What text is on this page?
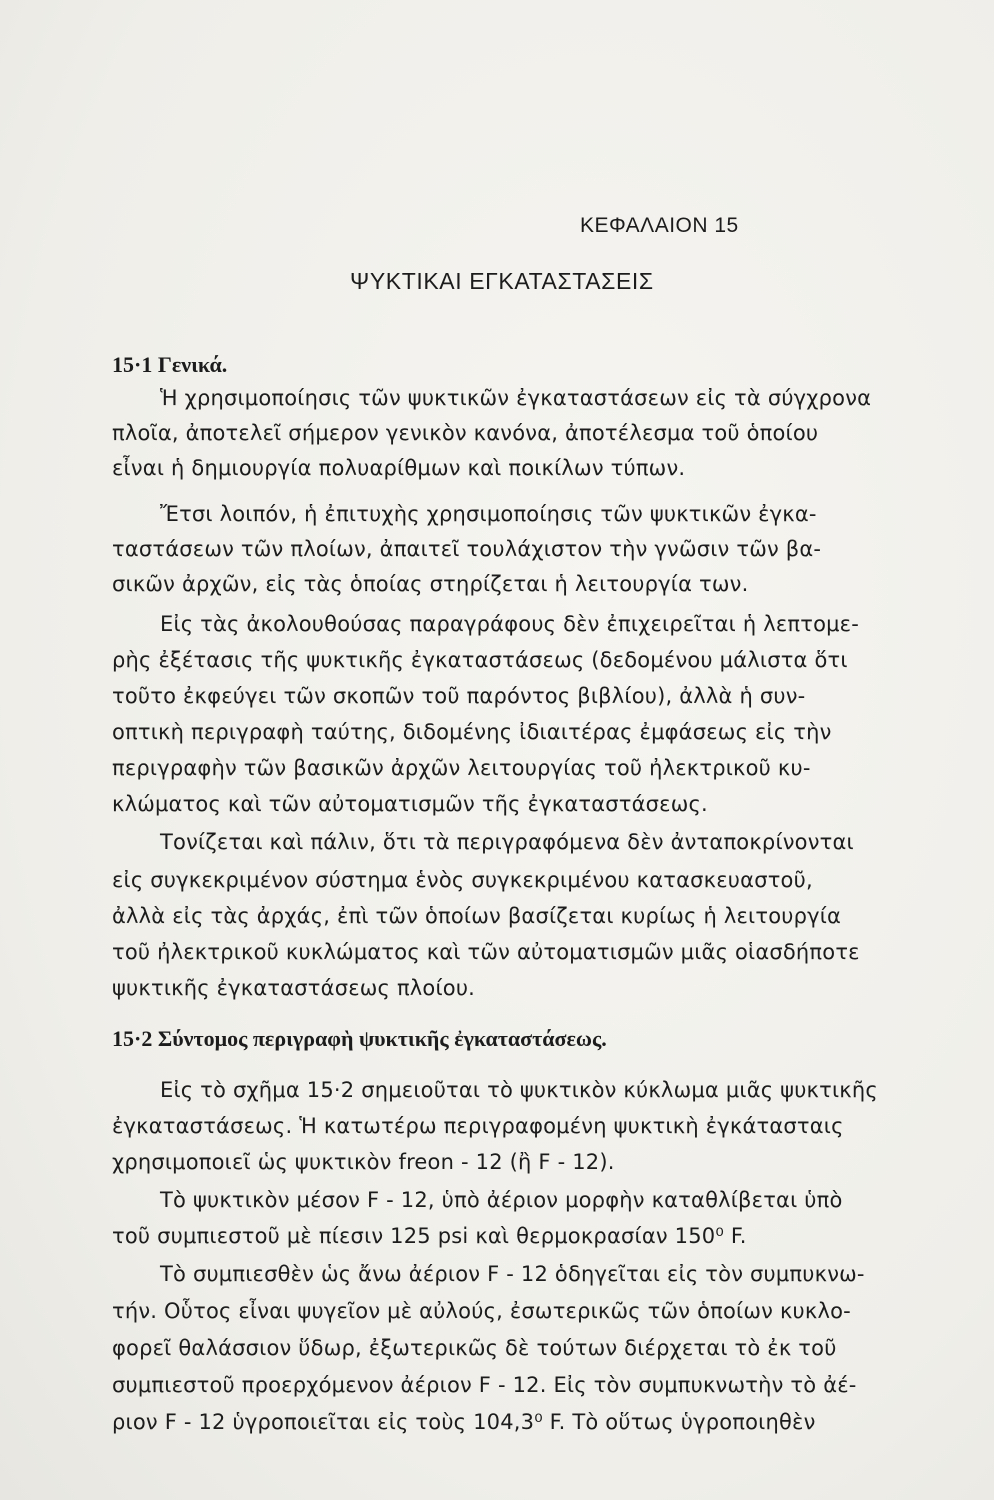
ΚΕΦΑΛΑΙΟΝ 15
ΨΥΚΤΙΚΑΙ ΕΓΚΑΤΑΣΤΑΣΕΙΣ
15·1 Γενικά.
Ἡ χρησιμοποίησις τῶν ψυκτικῶν ἐγκαταστάσεων εἰς τὰ σύγχρονα
πλοῖα, ἀποτελεῖ σήμερον γενικὸν κανόνα, ἀποτέλεσμα τοῦ ὁποίου
εἶναι ἡ δημιουργία πολυαρίθμων καὶ ποικίλων τύπων.
Ἔτσι λοιπόν, ἡ ἐπιτυχὴς χρησιμοποίησις τῶν ψυκτικῶν ἐγκα-
ταστάσεων τῶν πλοίων, ἀπαιτεῖ τουλάχιστον τὴν γνῶσιν τῶν βα-
σικῶν ἀρχῶν, εἰς τὰς ὁποίας στηρίζεται ἡ λειτουργία των.
Εἰς τὰς ἀκολουθούσας παραγράφους δὲν ἐπιχειρεῖται ἡ λεπτομε-
ρὴς ἐξέτασις τῆς ψυκτικῆς ἐγκαταστάσεως (δεδομένου μάλιστα ὅτι
τοῦτο ἐκφεύγει τῶν σκοπῶν τοῦ παρόντος βιβλίου), ἀλλὰ ἡ συν-
οπτικὴ περιγραφὴ ταύτης, διδομένης ἰδιαιτέρας ἐμφάσεως εἰς τὴν
περιγραφὴν τῶν βασικῶν ἀρχῶν λειτουργίας τοῦ ἠλεκτρικοῦ κυ-
κλώματος καὶ τῶν αὐτοματισμῶν τῆς ἐγκαταστάσεως.
Τονίζεται καὶ πάλιν, ὅτι τὰ περιγραφόμενα δὲν ἀνταποκρίνονται
εἰς συγκεκριμένον σύστημα ἑνὸς συγκεκριμένου κατασκευαστοῦ,
ἀλλὰ εἰς τὰς ἀρχάς, ἐπὶ τῶν ὁποίων βασίζεται κυρίως ἡ λειτουργία
τοῦ ἠλεκτρικοῦ κυκλώματος καὶ τῶν αὐτοματισμῶν μιᾶς οἱασδήποτε
ψυκτικῆς ἐγκαταστάσεως πλοίου.
15·2 Σύντομος περιγραφὴ ψυκτικῆς ἐγκαταστάσεως.
Εἰς τὸ σχῆμα 15·2 σημειοῦται τὸ ψυκτικὸν κύκλωμα μιᾶς ψυκτικῆς
ἐγκαταστάσεως. Ἡ κατωτέρω περιγραφομένη ψυκτικὴ ἐγκάτασταις
χρησιμοποιεῖ ὡς ψυκτικὸν freon - 12 (ἢ F - 12).
Τὸ ψυκτικὸν μέσον F - 12, ὑπὸ ἀέριον μορφὴν καταθλίβεται ὑπὸ
τοῦ συμπιεστοῦ μὲ πίεσιν 125 psi καὶ θερμοκρασίαν 150⁰ F.
Τὸ συμπιεσθὲν ὡς ἄνω ἀέριον F - 12 ὁδηγεῖται εἰς τὸν συμπυκνω-
τήν. Οὗτος εἶναι ψυγεῖον μὲ αὐλούς, ἐσωτερικῶς τῶν ὁποίων κυκλο-
φορεῖ θαλάσσιον ὕδωρ, ἐξωτερικῶς δὲ τούτων διέρχεται τὸ ἐκ τοῦ
συμπιεστοῦ προερχόμενον ἀέριον F - 12. Εἰς τὸν συμπυκνωτὴν τὸ ἀέ-
ριον F - 12 ὑγροποιεῖται εἰς τοὺς 104,3⁰ F. Τὸ οὕτως ὑγροποιηθὲν
